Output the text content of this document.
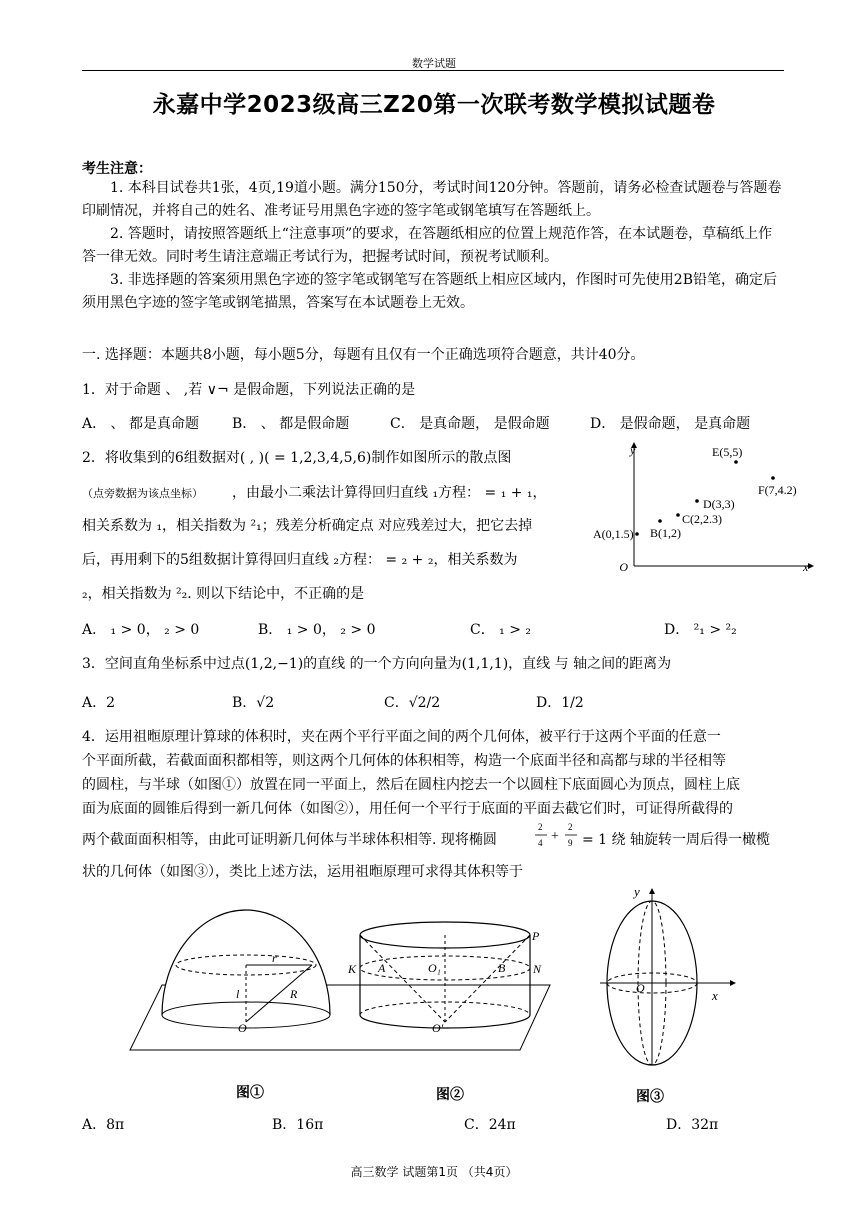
数学试题
永嘉中学2023级高三Z20第一次联考数学模拟试题卷
考生注意：
1. 本科目试卷共1张，4页,19道小题。满分150分，考试时间120分钟。答题前，请务必检查试题卷与答题卷印刷情况，并将自己的姓名、准考证号用黑色字迹的签字笔或钢笔填写在答题纸上。
2. 答题时，请按照答题纸上“注意事项”的要求，在答题纸相应的位置上规范作答，在本试题卷，草稿纸上作答一律无效。同时考生请注意端正考试行为，把握考试时间，预祝考试顺利。
3. 非选择题的答案须用黑色字迹的签字笔或钢笔写在答题纸上相应区域内，作图时可先使用2B铅笔，确定后须用黑色字迹的签字笔或钢笔描黑，答案写在本试题卷上无效。
一. 选择题：本题共8小题，每小题5分，每题有且仅有一个正确选项符合题意，共计40分。
1．对于命题 、 ,若 ∨¬ 是假命题，下列说法正确的是
A． 、 都是真命题 B． 、 都是假命题	C． 是真命题， 是假命题	D． 是假命题， 是真命题
2．将收集到的6组数据对( , )( = 1,2,3,4,5,6)制作如图所示的散点图
（点旁数据为该点坐标） ，由最小二乘法计算得回归直线 ₁方程： = ₁ + ₁，
相关系数为 ₁，相关指数为 ²₁；残差分析确定点 对应残差过大，把它去掉
后，再用剩下的5组数据计算得回归直线 ₂方程： = ₂ + ₂，相关系数为
₂，相关指数为 ²₂. 则以下结论中，不正确的是
A． ₁ > 0， ₂ > 0	B． ₁ > 0， ₂ > 0	C． ₁ > ₂	D． ²₁ > ²₂
x
y
O
A(0,1.5) B(1,2)
C(2,2.3)
D(3,3)
E(5,5)
F(7,4.2)
3．空间直角坐标系中过点(1,2,−1)的直线 的一个方向向量为(1,1,1)，直线 与 轴之间的距离为
A．2	B．√2	C．√2/2	D．1/2
4．运用祖暅原理计算球的体积时，夹在两个平行平面之间的两个几何体，被平行于这两个平面的任意一
个平面所截，若截面面积都相等，则这两个几何体的体积相等，构造一个底面半径和高都与球的半径相等
的圆柱，与半球（如图①）放置在同一平面上，然后在圆柱内挖去一个以圆柱下底面圆心为顶点，圆柱上底
面为底面的圆锥后得到一新几何体（如图②），用任何一个平行于底面的平面去截它们时，可证得所截得的
两个截面面积相等，由此可证明新几何体与半球体积相等. 现将椭圆
2
4 +
2
9 = 1 绕 轴旋转一周后得一橄榄
状的几何体（如图③），类比上述方法，运用祖暅原理可求得其体积等于
r
l	R
O
K A	O₁	B N
P
O'
y
x
O
图①	图②	图③
A．8π	B．16π	C．24π	D．32π
高三数学 试题第1页 （共4页）
